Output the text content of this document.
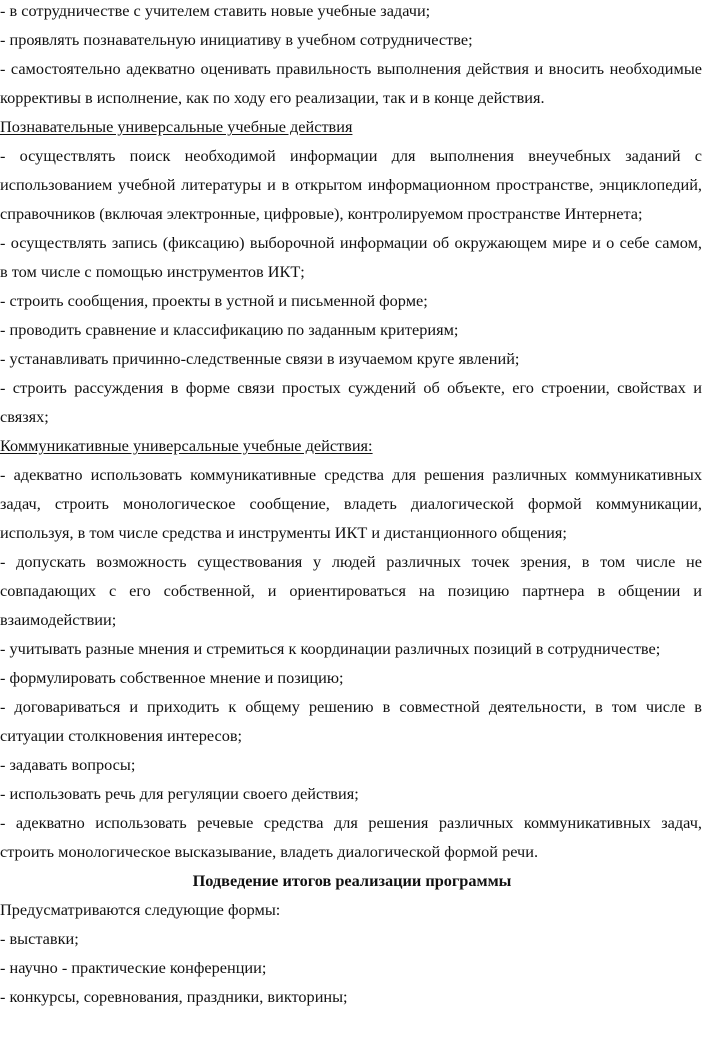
- в сотрудничестве с учителем ставить новые учебные задачи;
- проявлять познавательную инициативу в учебном сотрудничестве;
- самостоятельно адекватно оценивать правильность выполнения действия и вносить необходимые
коррективы в исполнение, как по ходу его реализации, так и в конце действия.
Познавательные универсальные учебные действия
- осуществлять поиск необходимой информации для выполнения внеучебных заданий с
использованием учебной литературы и в открытом информационном пространстве, энциклопедий,
справочников (включая электронные, цифровые), контролируемом пространстве Интернета;
- осуществлять запись (фиксацию) выборочной информации об окружающем мире и о себе самом,
в том числе с помощью инструментов ИКТ;
- строить сообщения, проекты в устной и письменной форме;
- проводить сравнение и классификацию по заданным критериям;
- устанавливать причинно-следственные связи в изучаемом круге явлений;
- строить рассуждения в форме связи простых суждений об объекте, его строении, свойствах и
связях;
Коммуникативные универсальные учебные действия:
- адекватно использовать коммуникативные средства для решения различных коммуникативных
задач, строить монологическое сообщение, владеть диалогической формой коммуникации,
используя, в том числе средства и инструменты ИКТ и дистанционного общения;
- допускать возможность существования у людей различных точек зрения, в том числе не
совпадающих с его собственной, и ориентироваться на позицию партнера в общении и
взаимодействии;
- учитывать разные мнения и стремиться к координации различных позиций в сотрудничестве;
- формулировать собственное мнение и позицию;
- договариваться и приходить к общему решению в совместной деятельности, в том числе в
ситуации столкновения интересов;
- задавать вопросы;
- использовать речь для регуляции своего действия;
- адекватно использовать речевые средства для решения различных коммуникативных задач,
строить монологическое высказывание, владеть диалогической формой речи.
Подведение итогов реализации программы
Предусматриваются следующие формы:
- выставки;
- научно - практические конференции;
- конкурсы, соревнования, праздники, викторины;
